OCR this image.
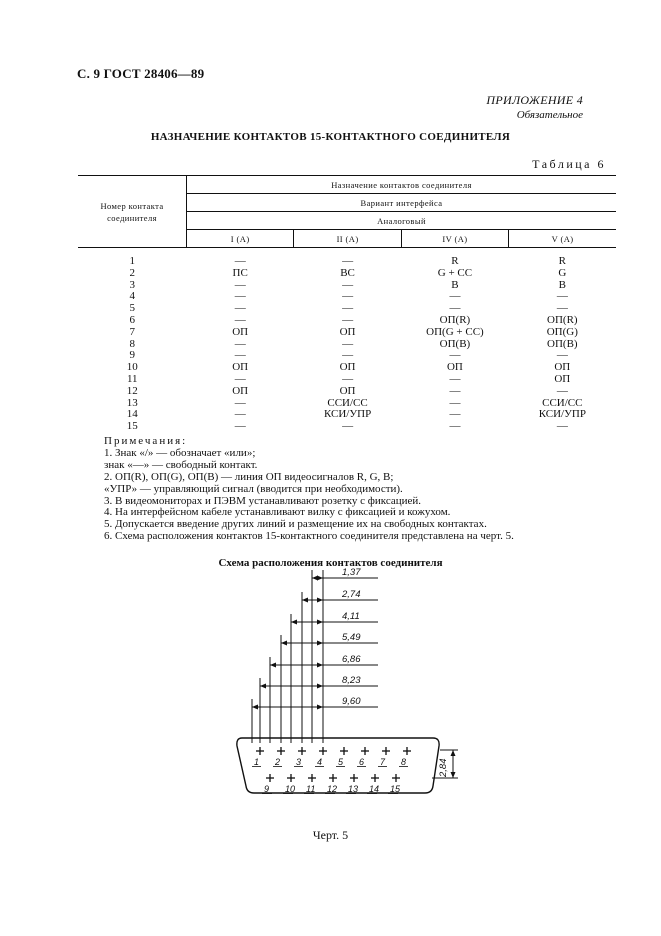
С. 9 ГОСТ 28406—89
ПРИЛОЖЕНИЕ 4
Обязательное
НАЗНАЧЕНИЕ КОНТАКТОВ 15-КОНТАКТНОГО СОЕДИНИТЕЛЯ
Таблица 6
Номер контакта соединителя	Назначение контактов соединителя			
	Вариант интерфейса			
	Аналоговый			
	I (А)	II (А)	IV (А)	V (А)

1	—	—	R	R
2	ПС	ВС	G + CC	G
3	—	—	B	B
4	—	—	—	—
5	—	—	—	—
6	—	—	ОП(R)	ОП(R)
7	ОП	ОП	ОП(G + CC)	ОП(G)
8	—	—	ОП(B)	ОП(B)
9	—	—	—	—
10	ОП	ОП	ОП	ОП
11	—	—	—	ОП
12	ОП	ОП	—	—
13	—	ССИ/СС	—	ССИ/СС
14	—	КСИ/УПР	—	КСИ/УПР
15	—	—	—	—
Примечания:
1. Знак «/» — обозначает «или»;
знак «—» — свободный контакт.
2. ОП(R), ОП(G), ОП(B) — линия ОП видеосигналов R, G, B;
«УПР» — управляющий сигнал (вводится при необходимости).
3. В видеомониторах и ПЭВМ устанавливают розетку с фиксацией.
4. На интерфейсном кабеле устанавливают вилку с фиксацией и кожухом.
5. Допускается введение других линий и размещение их на свободных контактах.
6. Схема расположения контактов 15-контактного соединителя представлена на черт. 5.
Схема расположения контактов соединителя
1 2 3 4 5 6 7 8
9 10 11 12 13 14 15
1,37
2,74
4,11
5,49
6,86
8,23
9,60
2,84
Черт. 5
